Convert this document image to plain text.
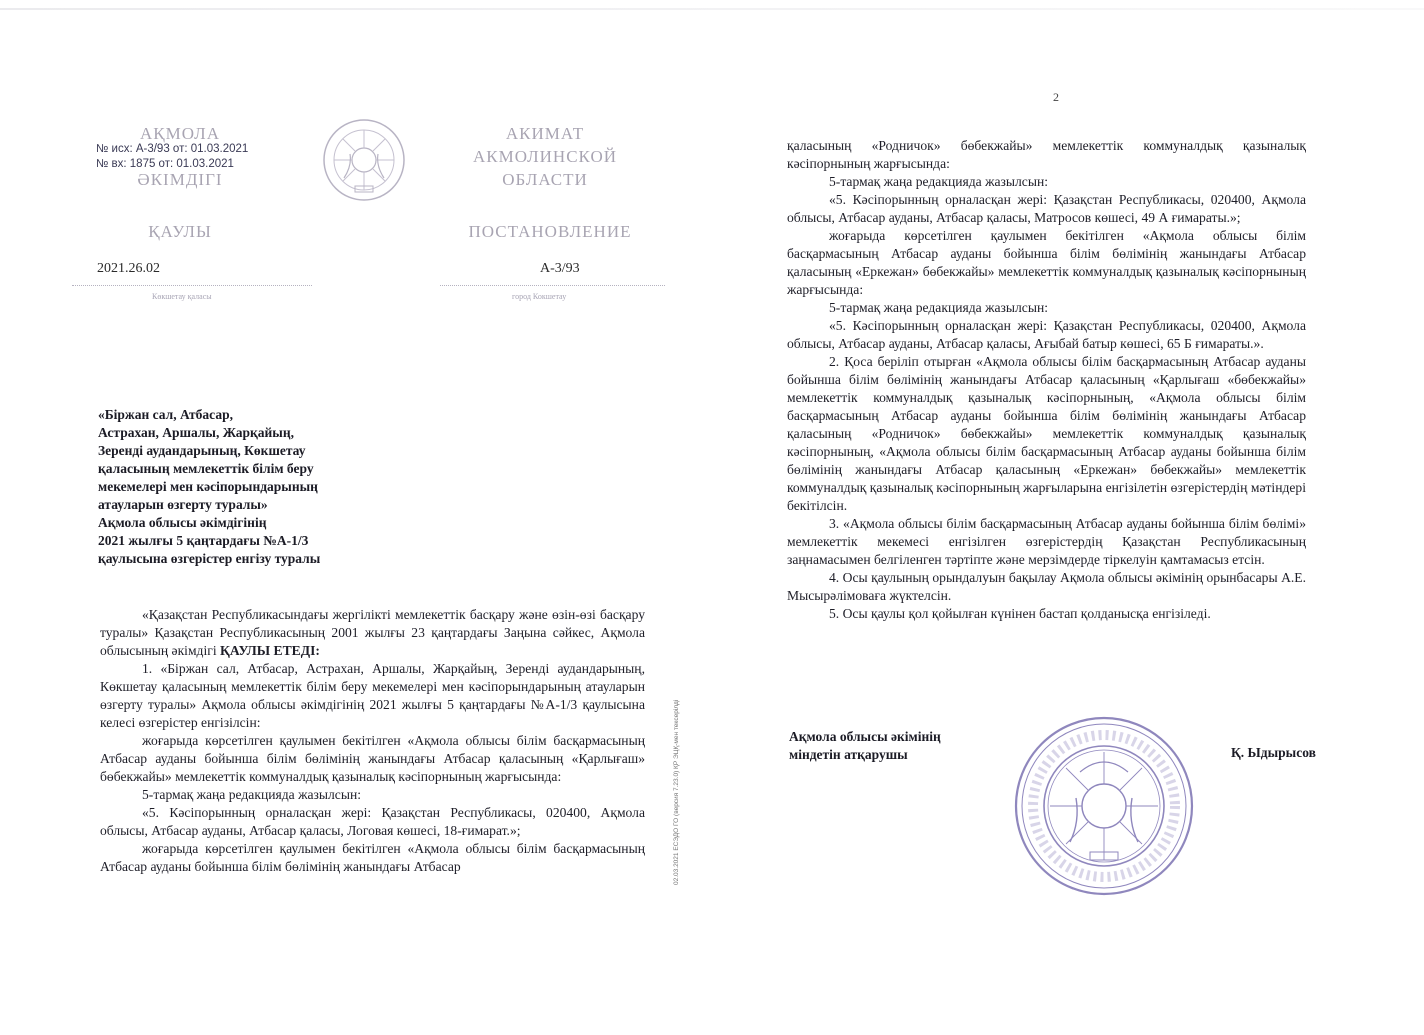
АҚМОЛА
ӘКІМДІГІ
№ исх: А-3/93 от: 01.03.2021
№ вх: 1875 от: 01.03.2021
АКИМАТ
АКМОЛИНСКОЙ
ОБЛАСТИ
ҚАУЛЫ	ПОСТАНОВЛЕНИЕ
2021.26.02	А-3/93
Көкшетау қаласы	город Кокшетау
«Біржан сал, Атбасар,
Астрахан, Аршалы, Жарқайың,
Зеренді аудандарының, Көкшетау
қаласының мемлекеттік білім беру
мекемелері мен кәсіпорындарының
атауларын өзгерту туралы»
Ақмола облысы әкімдігінің
2021 жылғы 5 қаңтардағы №А-1/3
қаулысына өзгерістер енгізу туралы

«Қазақстан Республикасындағы жергілікті мемлекеттік басқару және өзін-өзі басқару туралы» Қазақстан Республикасының 2001 жылғы 23 қаңтардағы Заңына сәйкес, Ақмола облысының әкімдігі ҚАУЛЫ ЕТЕДІ:

1. «Біржан сал, Атбасар, Астрахан, Аршалы, Жарқайың, Зеренді аудандарының, Көкшетау қаласының мемлекеттік білім беру мекемелері мен кәсіпорындарының атауларын өзгерту туралы» Ақмола облысы әкімдігінің 2021 жылғы 5 қаңтардағы №А-1/3 қаулысына келесі өзгерістер енгізілсін:

жоғарыда көрсетілген қаулымен бекітілген «Ақмола облысы білім басқармасының Атбасар ауданы бойынша білім бөлімінің жанындағы Атбасар қаласының «Қарлығаш» бөбекжайы» мемлекеттік коммуналдық қазыналық кәсіпорнының жарғысында:

5-тармақ жаңа редакцияда жазылсын:

«5. Кәсіпорынның орналасқан жері: Қазақстан Республикасы, 020400, Ақмола облысы, Атбасар ауданы, Атбасар қаласы, Логовая көшесі, 18-ғимарат.»;

жоғарыда көрсетілген қаулымен бекітілген «Ақмола облысы білім басқармасының Атбасар ауданы бойынша білім бөлімінің жанындағы Атбасар	02.03.2021 ЕСЭДО ГО (версия 7.23.0) ҚР ЭЦҚ-мен тексерілді
2

қаласының «Родничок» бөбекжайы» мемлекеттік коммуналдық қазыналық кәсіпорнының жарғысында:

5-тармақ жаңа редакцияда жазылсын:

«5. Кәсіпорынның орналасқан жері: Қазақстан Республикасы, 020400, Ақмола облысы, Атбасар ауданы, Атбасар қаласы, Матросов көшесі, 49 А ғимараты.»;

жоғарыда көрсетілген қаулымен бекітілген «Ақмола облысы білім басқармасының Атбасар ауданы бойынша білім бөлімінің жанындағы Атбасар қаласының «Еркежан» бөбекжайы» мемлекеттік коммуналдық қазыналық кәсіпорнының жарғысында:

5-тармақ жаңа редакцияда жазылсын:

«5. Кәсіпорынның орналасқан жері: Қазақстан Республикасы, 020400, Ақмола облысы, Атбасар ауданы, Атбасар қаласы, Ағыбай батыр көшесі, 65 Б ғимараты.».

2. Қоса беріліп отырған «Ақмола облысы білім басқармасының Атбасар ауданы бойынша білім бөлімінің жанындағы Атбасар қаласының «Қарлығаш «бөбекжайы» мемлекеттік коммуналдық қазыналық кәсіпорнының, «Ақмола облысы білім басқармасының Атбасар ауданы бойынша білім бөлімінің жанындағы Атбасар қаласының «Родничок» бөбекжайы» мемлекеттік коммуналдық қазыналық кәсіпорнының, «Ақмола облысы білім басқармасының Атбасар ауданы бойынша білім бөлімінің жанындағы Атбасар қаласының «Еркежан» бөбекжайы» мемлекеттік коммуналдық қазыналық кәсіпорнының жарғыларына енгізілетін өзгерістердің мәтіндері бекітілсін.

3. «Ақмола облысы білім басқармасының Атбасар ауданы бойынша білім бөлімі» мемлекеттік мекемесі енгізілген өзгерістердің Қазақстан Республикасының заңнамасымен белгіленген тәртіпте және мерзімдерде тіркелуін қамтамасыз етсін.

4. Осы қаулының орындалуын бақылау Ақмола облысы әкімінің орынбасары А.Е. Мысырәлімоваға жүктелсін.

5. Осы қаулы қол қойылған күнінен бастап қолданысқа енгізіледі.

Ақмола облысы әкімінің
міндетін атқарушы	Қ. Ыдырысов
